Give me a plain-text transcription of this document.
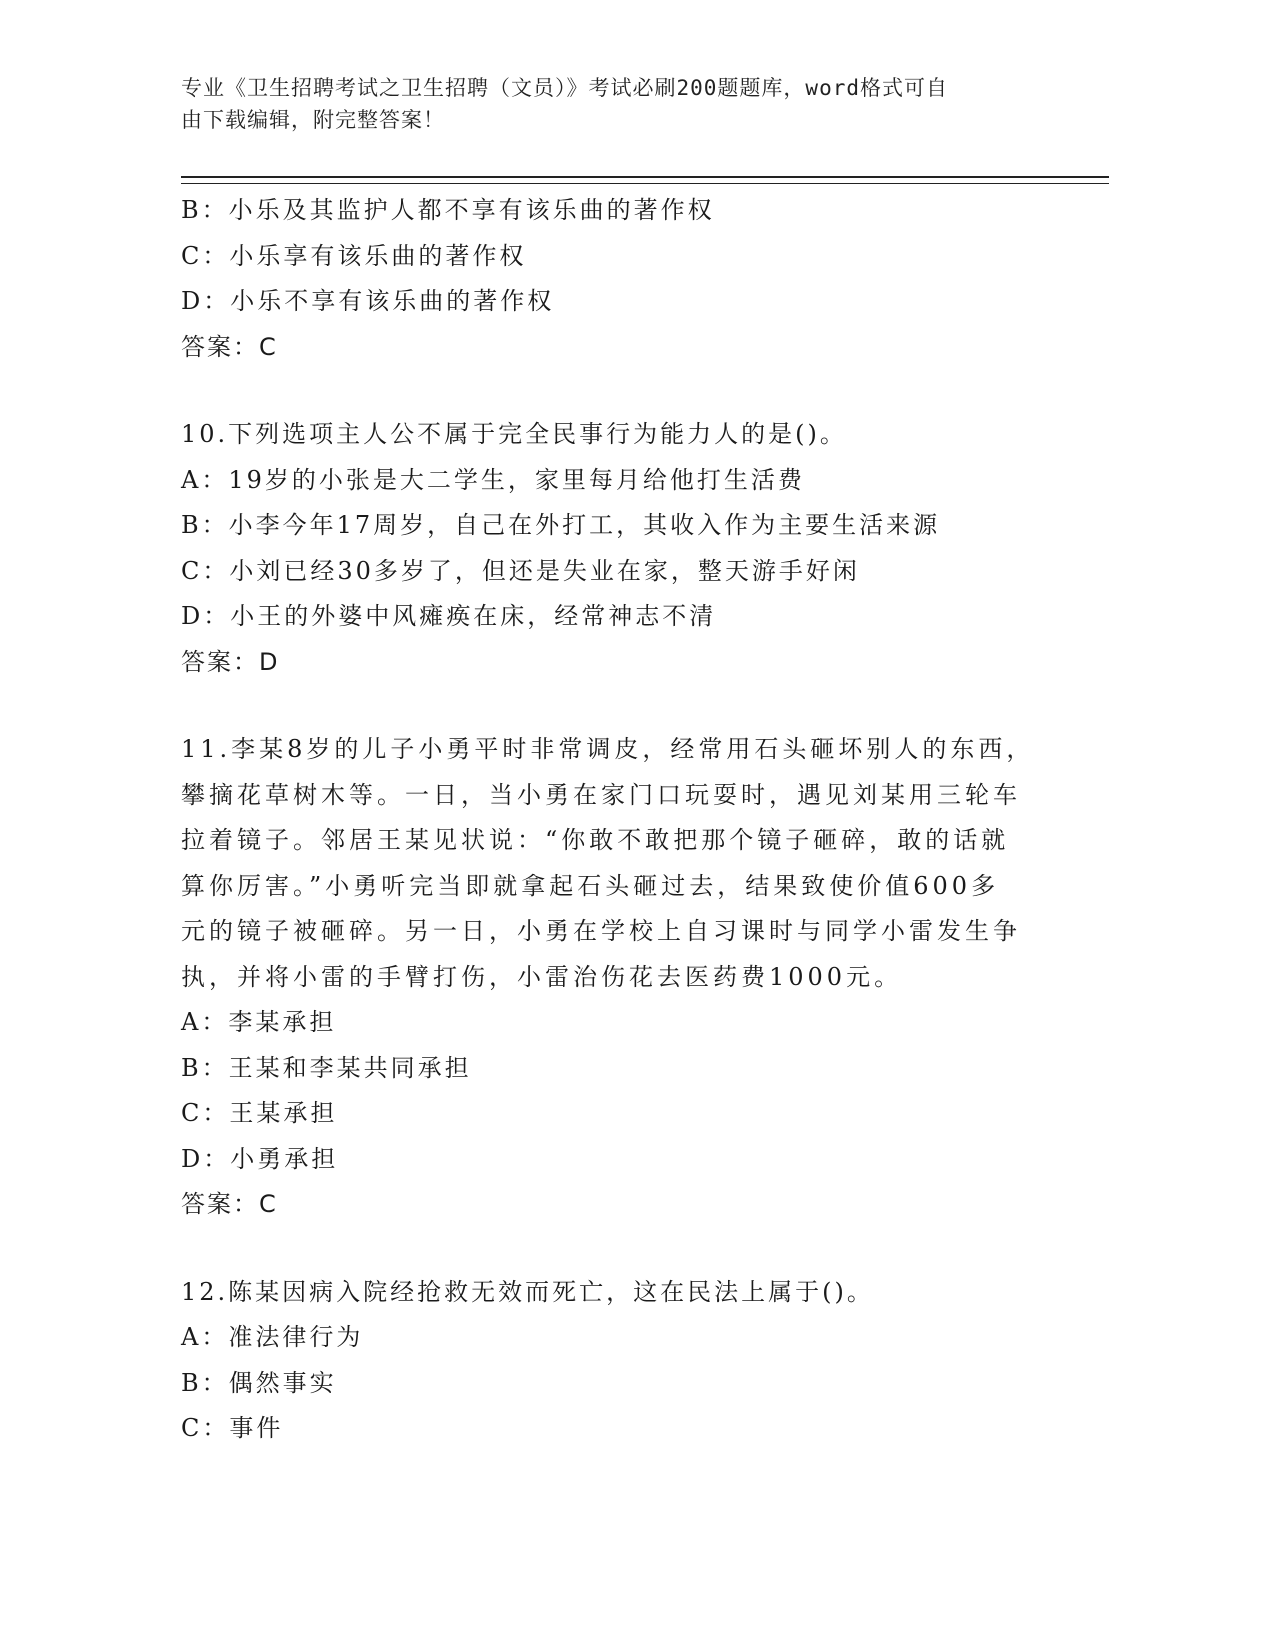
专业《卫生招聘考试之卫生招聘（文员）》考试必刷200题题库，word格式可自
由下载编辑，附完整答案！
B：小乐及其监护人都不享有该乐曲的著作权
C：小乐享有该乐曲的著作权
D：小乐不享有该乐曲的著作权
答案：C
10.下列选项主人公不属于完全民事行为能力人的是()。
A：19岁的小张是大二学生，家里每月给他打生活费
B：小李今年17周岁，自己在外打工，其收入作为主要生活来源
C：小刘已经30多岁了，但还是失业在家，整天游手好闲
D：小王的外婆中风瘫痪在床，经常神志不清
答案：D
11.李某8岁的儿子小勇平时非常调皮，经常用石头砸坏别人的东西，
攀摘花草树木等。一日，当小勇在家门口玩耍时，遇见刘某用三轮车
拉着镜子。邻居王某见状说：“你敢不敢把那个镜子砸碎，敢的话就
算你厉害。”小勇听完当即就拿起石头砸过去，结果致使价值600多
元的镜子被砸碎。另一日，小勇在学校上自习课时与同学小雷发生争
执，并将小雷的手臂打伤，小雷治伤花去医药费1000元。
A：李某承担
B：王某和李某共同承担
C：王某承担
D：小勇承担
答案：C
12.陈某因病入院经抢救无效而死亡，这在民法上属于()。
A：准法律行为
B：偶然事实
C：事件
